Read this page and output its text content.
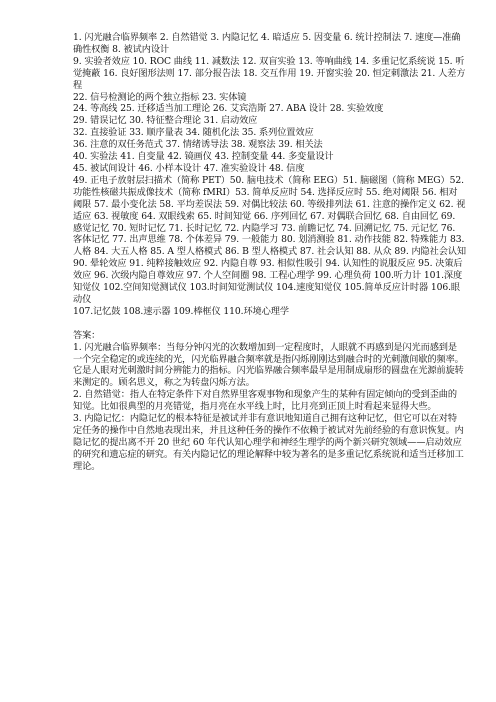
1. 闪光融合临界频率 2. 自然错觉 3. 内隐记忆 4. 暗适应 5. 因变量 6. 统计控制法 7. 速度—准确确性权衡 8. 被试内设计

9. 实验者效应 10. ROC 曲线 11. 减数法 12. 双盲实验 13. 等响曲线 14. 多重记忆系统说 15. 听觉掩蔽 16. 良好图形法则 17. 部分报告法 18. 交互作用 19. 开窗实验 20. 恒定刺激法 21. 人差方程

22. 信号检测论的两个独立指标 23. 实体镜

24. 等高线 25. 迁移适当加工理论 26. 艾宾浩斯 27. ABA 设计 28. 实验效度

29. 错误记忆 30. 特征整合理论 31. 启动效应

32. 直接验证 33. 顺序量表 34. 随机化法 35. 系列位置效应

36. 注意的双任务范式 37. 情绪诱导法 38. 观察法 39. 相关法

40. 实验法 41. 自变量 42. 镜画仪 43. 控制变量 44. 多变量设计

45. 被试间设计 46. 小样本设计 47. 准实验设计 48. 信度

49. 正电子放射层扫描术（简称 PET）50. 脑电技术（简称 EEG）51. 脑磁图（简称 MEG）52. 功能性核磁共振成像技术（简称 fMRI）53. 简单反应时 54. 选择反应时 55. 绝对阈限 56. 相对阈限 57. 最小变化法 58. 平均差误法 59. 对偶比较法 60. 等级排列法 61. 注意的操作定义 62. 视适应 63. 视敏度 64. 双眼线索 65. 时间知觉 66. 序列回忆 67. 对偶联合回忆 68. 自由回忆 69. 感觉记忆 70. 短时记忆 71. 长时记忆 72. 内隐学习 73. 前瞻记忆 74. 回溯记忆 75. 元记忆 76. 客体记忆 77. 出声思维 78. 个体差异 79. 一般能力 80. 划消测验 81. 动作技能 82. 特殊能力 83. 人格 84. 大五人格 85. A 型人格模式 86. B 型人格模式 87. 社会认知 88. 从众 89. 内隐社会认知 90. 晕轮效应 91. 纯粹接触效应 92. 内隐自尊 93. 相似性吸引 94. 认知性的说服反应 95. 决策后效应 96. 次级内隐自尊效应 97. 个人空间圈 98. 工程心理学 99. 心理负荷 100.听力计 101.深度知觉仪 102.空间知觉测试仪 103.时间知觉测试仪 104.速度知觉仪 105.简单反应计时器 106.眼动仪

107.记忆鼓 108.速示器 109.棒框仪 110.环境心理学

答案：

1. 闪光融合临界频率：当每分钟闪光的次数增加到一定程度时，人眼就不再感到是闪光而感到是一个完全稳定的或连续的光，闪光临界融合频率就是指闪烁刚刚达到融合时的光刺激间歇的频率。它是人眼对光刺激时间分辨能力的指标。闪光临界融合频率最早是用制成扇形的圆盘在光源前旋转来测定的。顾名思义，称之为转盘闪烁方法。

2. 自然错觉：指人在特定条件下对自然界里客观事物和现象产生的某种有固定倾向的受到歪曲的知觉。比如很典型的月亮错觉，指月亮在水平线上时，比月亮到正顶上时看起来显得大些。

3. 内隐记忆：内隐记忆的根本特征是被试并非有意识地知道自己拥有这种记忆，但它可以在对特定任务的操作中自然地表现出来，并且这种任务的操作不依赖于被试对先前经验的有意识恢复。内隐记忆的提出离不开 20 世纪 60 年代认知心理学和神经生理学的两个新兴研究领域——启动效应的研究和遗忘症的研究。有关内隐记忆的理论解释中较为著名的是多重记忆系统说和适当迁移加工理论。
